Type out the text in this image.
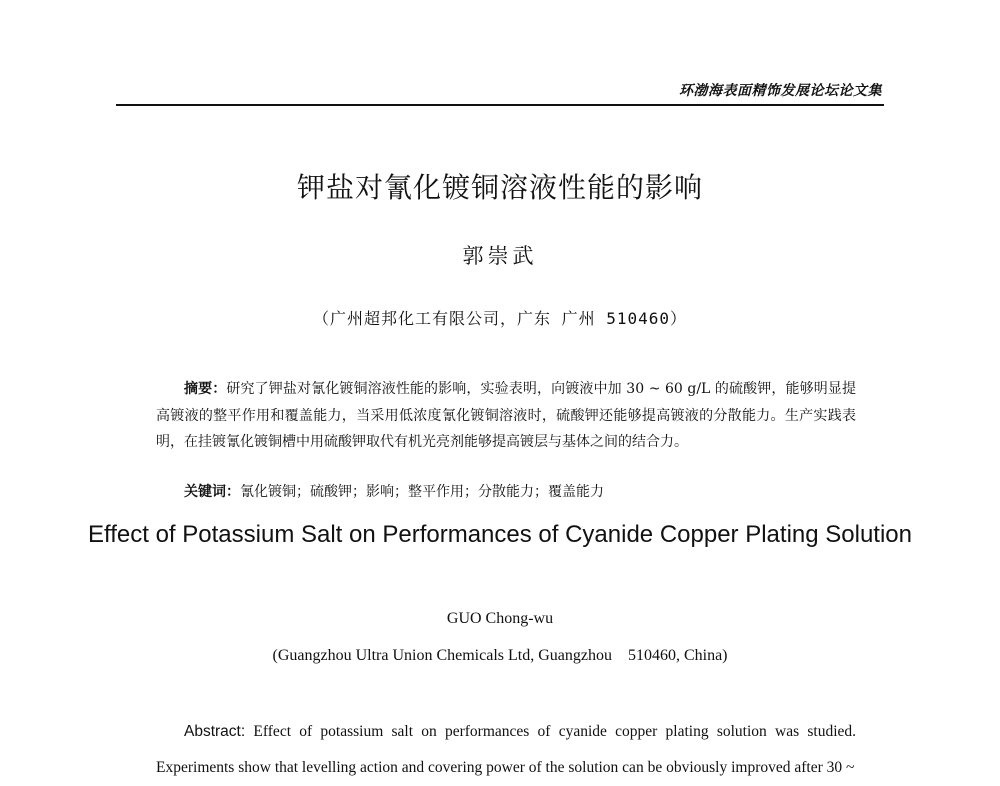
环渤海表面精饰发展论坛论文集
钾盐对氰化镀铜溶液性能的影响
郭崇武
（广州超邦化工有限公司，广东 广州 510460）

摘要：研究了钾盐对氰化镀铜溶液性能的影响，实验表明，向镀液中加 30 ~ 60 g/L 的硫酸钾，能够明显提高镀液的整平作用和覆盖能力，当采用低浓度氰化镀铜溶液时，硫酸钾还能够提高镀液的分散能力。生产实践表明，在挂镀氰化镀铜槽中用硫酸钾取代有机光亮剂能够提高镀层与基体之间的结合力。

关键词：氰化镀铜；硫酸钾；影响；整平作用；分散能力；覆盖能力

Effect of Potassium Salt on Performances of Cyanide Copper Plating Solution
GUO Chong-wu
(Guangzhou Ultra Union Chemicals Ltd, Guangzhou    510460, China)

Abstract: Effect of potassium salt on performances of cyanide copper plating solution was studied. Experiments show that levelling action and covering power of the solution can be obviously improved after 30 ~
